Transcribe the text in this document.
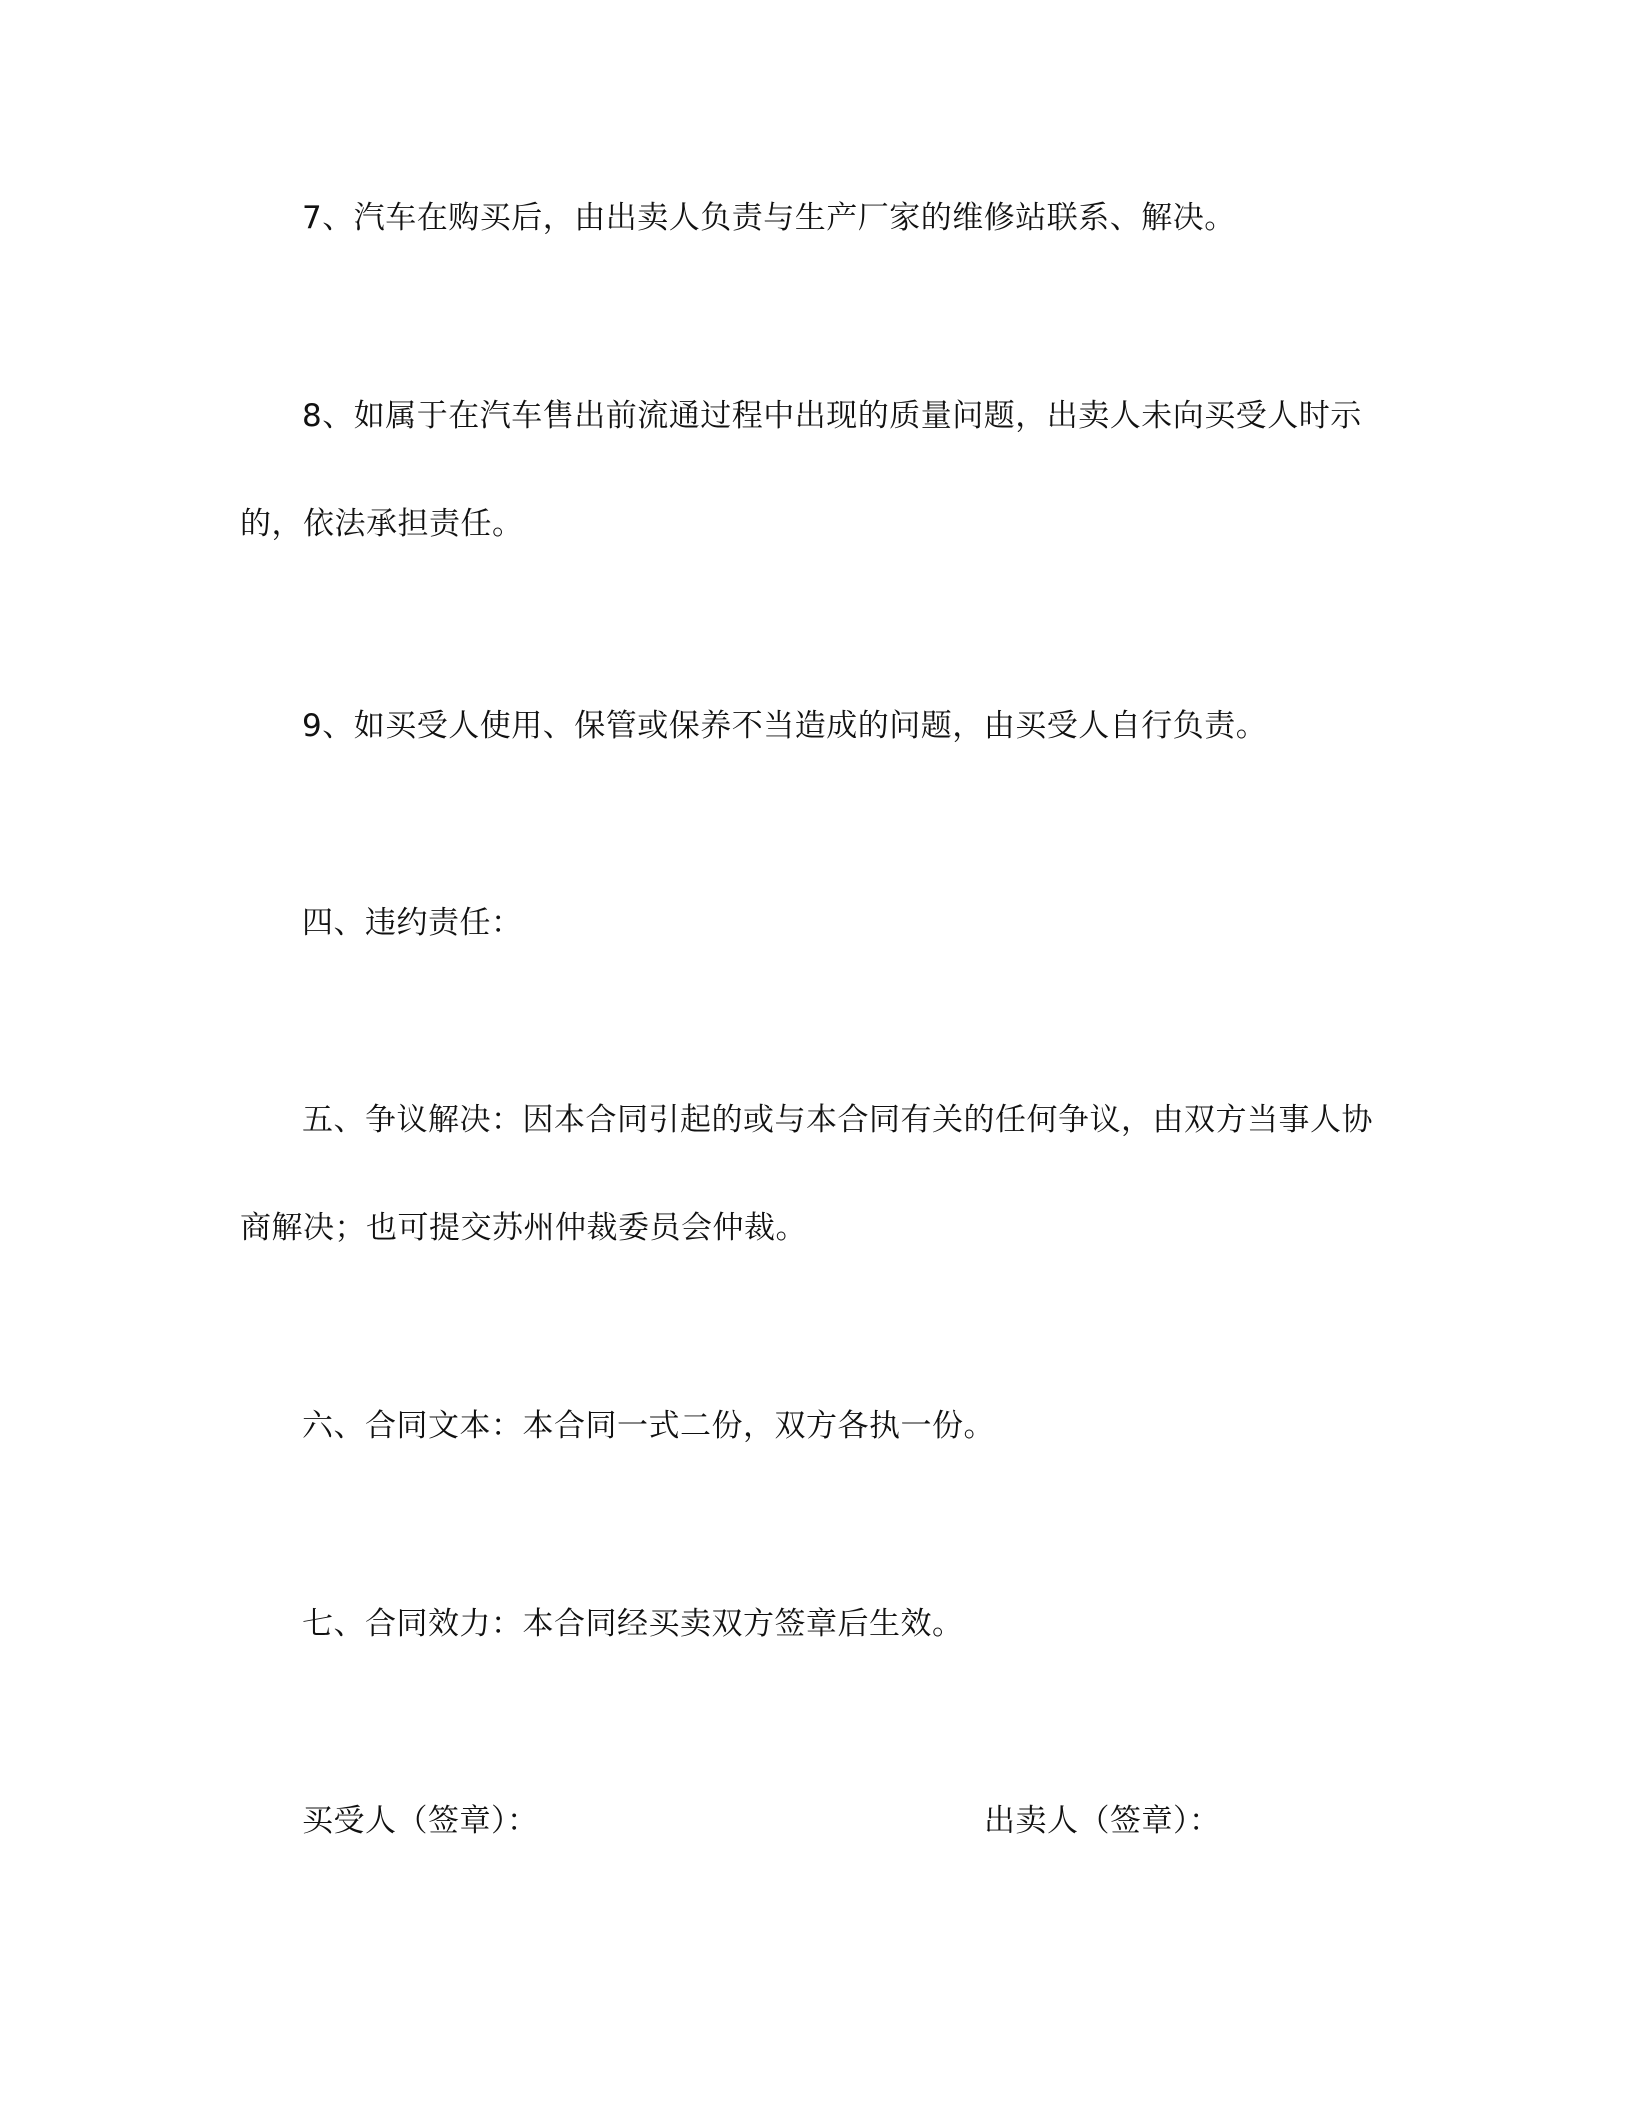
7、汽车在购买后，由出卖人负责与生产厂家的维修站联系、解决。
8、如属于在汽车售出前流通过程中出现的质量问题，出卖人未向买受人时示
的，依法承担责任。
9、如买受人使用、保管或保养不当造成的问题，由买受人自行负责。
四、违约责任：
五、争议解决：因本合同引起的或与本合同有关的任何争议，由双方当事人协
商解决；也可提交苏州仲裁委员会仲裁。
六、合同文本：本合同一式二份，双方各执一份。
七、合同效力：本合同经买卖双方签章后生效。
买受人（签章）：	出卖人（签章）：
